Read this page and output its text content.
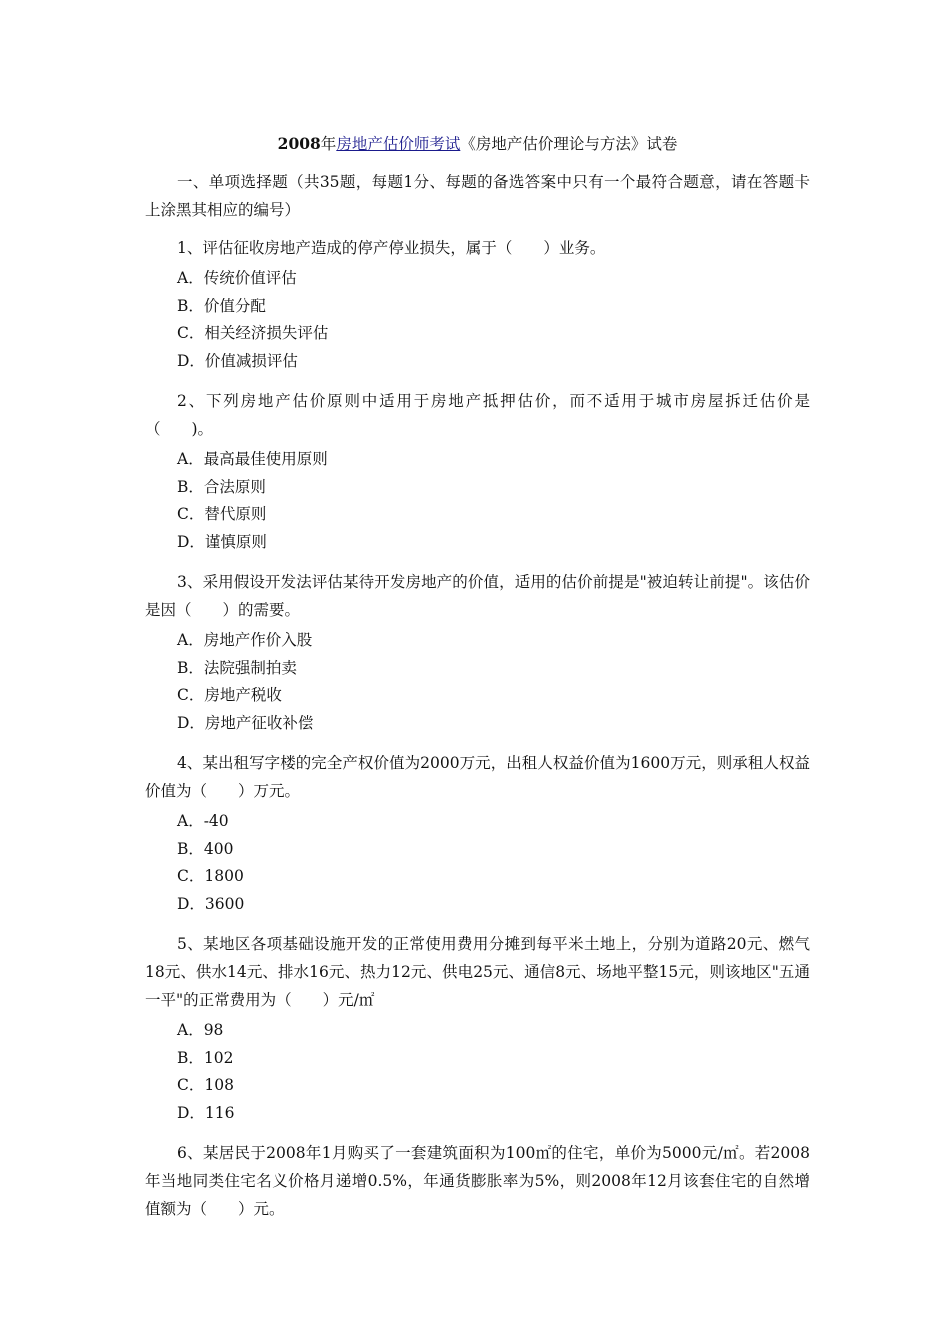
2008年房地产估价师考试《房地产估价理论与方法》试卷

一、单项选择题（共35题，每题1分、每题的备选答案中只有一个最符合题意，请在答题卡上涂黑其相应的编号）

1、评估征收房地产造成的停产停业损失，属于（　　）业务。

A．传统价值评估

B．价值分配

C．相关经济损失评估

D．价值减损评估

2、下列房地产估价原则中适用于房地产抵押估价，而不适用于城市房屋拆迁估价是（　　)。

A．最高最佳使用原则

B．合法原则

C．替代原则

D．谨慎原则

3、采用假设开发法评估某待开发房地产的价值，适用的估价前提是"被迫转让前提"。该估价是因（　　）的需要。

A．房地产作价入股

B．法院强制拍卖

C．房地产税收

D．房地产征收补偿

4、某出租写字楼的完全产权价值为2000万元，出租人权益价值为1600万元，则承租人权益价值为（　　）万元。

A．-40

B．400

C．1800

D．3600

5、某地区各项基础设施开发的正常使用费用分摊到每平米土地上，分别为道路20元、燃气18元、供水14元、排水16元、热力12元、供电25元、通信8元、场地平整15元，则该地区"五通一平"的正常费用为（　　）元/㎡

A．98

B．102

C．108

D．116

6、某居民于2008年1月购买了一套建筑面积为100㎡的住宅，单价为5000元/㎡。若2008年当地同类住宅名义价格月递增0.5%，年通货膨胀率为5%，则2008年12月该套住宅的自然增值额为（　　）元。
